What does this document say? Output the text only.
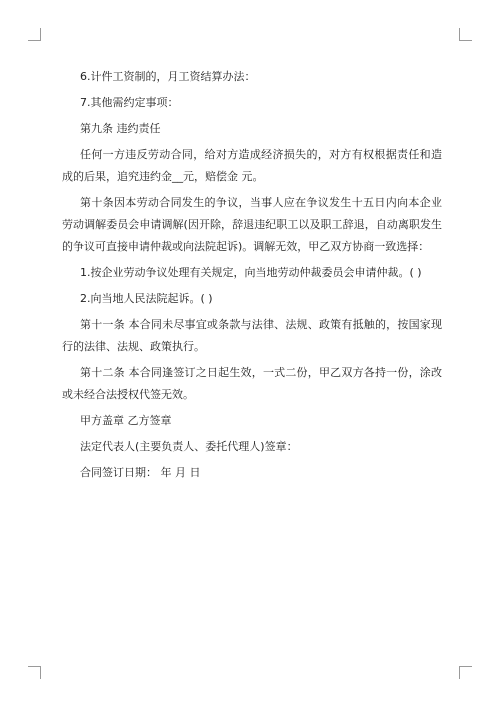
6.计件工资制的，月工资结算办法：

7.其他需约定事项：

第九条 违约责任

任何一方违反劳动合同，给对方造成经济损失的，对方有权根据责任和造成的后果，追究违约金__元，赔偿金 元。

第十条因本劳动合同发生的争议，当事人应在争议发生十五日内向本企业劳动调解委员会申请调解(因开除，辞退违纪职工以及职工辞退，自动离职发生的争议可直接申请仲裁或向法院起诉)。调解无效，甲乙双方协商一致选择：

1.按企业劳动争议处理有关规定，向当地劳动仲裁委员会申请仲裁。( )

2.向当地人民法院起诉。( )

第十一条 本合同未尽事宜或条款与法律、法规、政策有抵触的，按国家现行的法律、法规、政策执行。

第十二条 本合同逢签订之日起生效，一式二份，甲乙双方各持一份，涂改或未经合法授权代签无效。

甲方盖章 乙方签章

法定代表人(主要负责人、委托代理人)签章：

合同签订日期： 年 月 日
